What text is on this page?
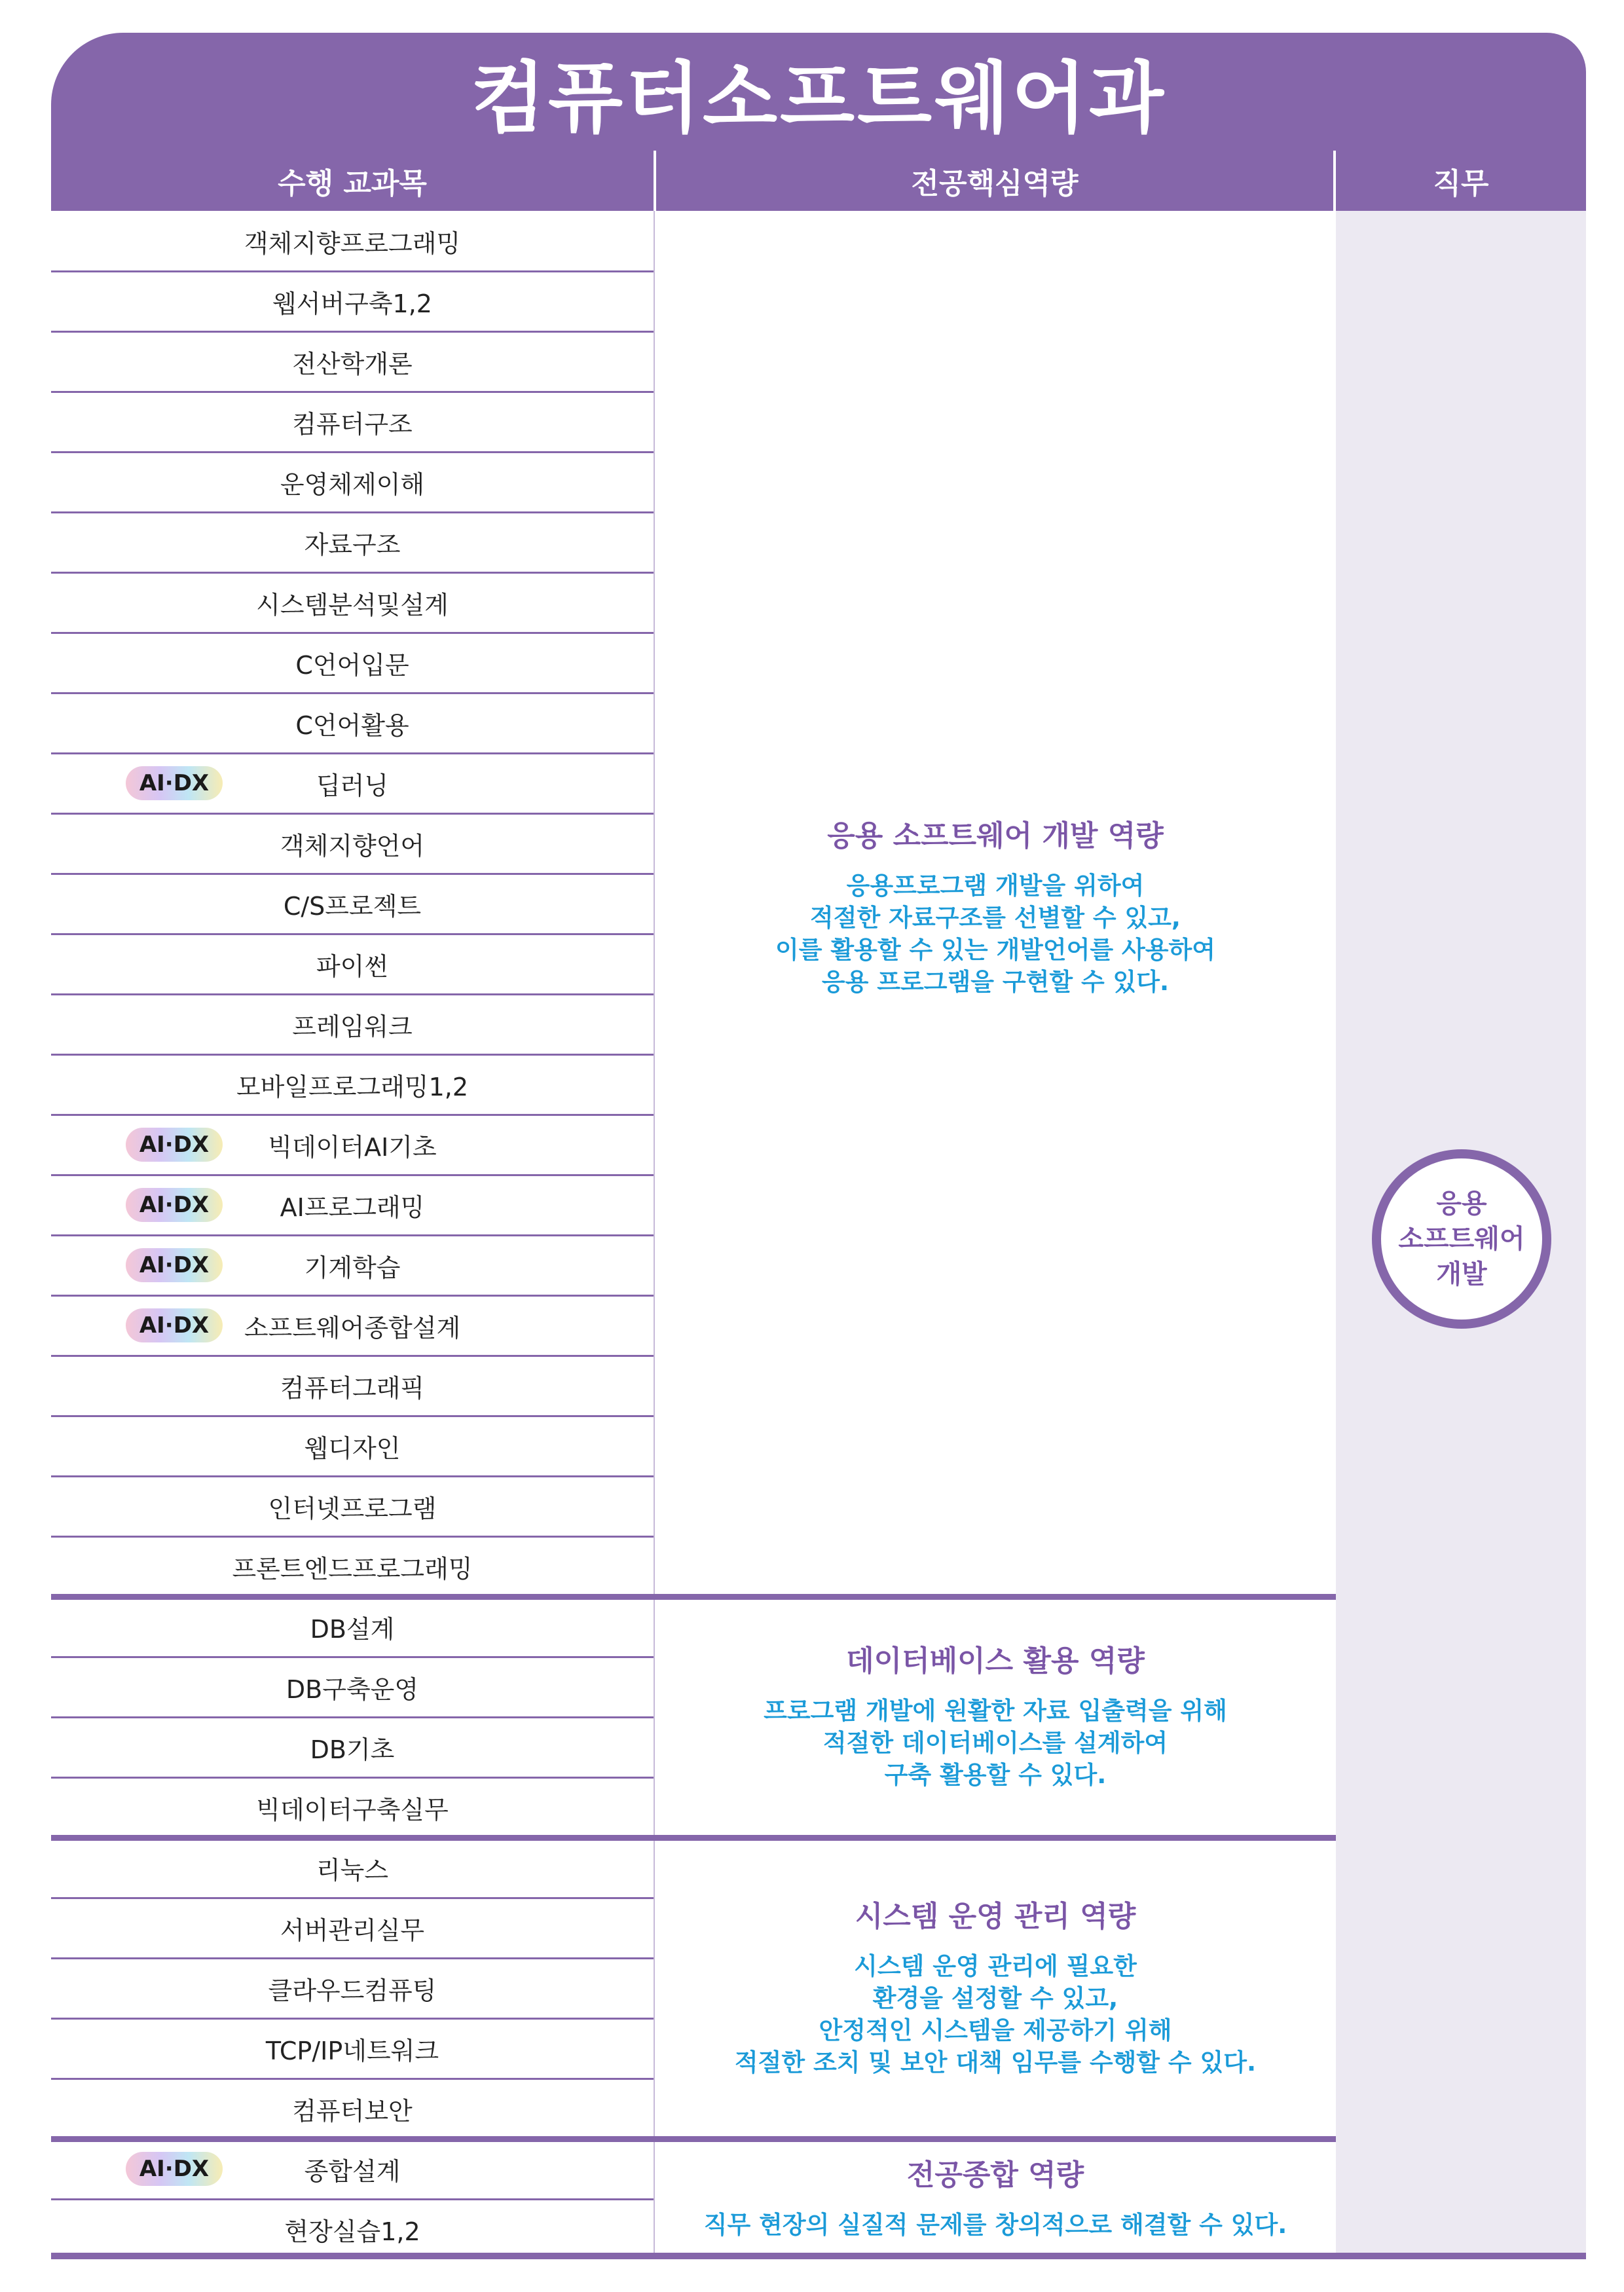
컴퓨터소프트웨어과
수행 교과목	전공핵심역량	직무
객체지향프로그래밍
웹서버구축1,2
전산학개론
컴퓨터구조
운영체제이해
자료구조
시스템분석및설계
C언어입문
C언어활용
딥러닝
AI·DX
객체지향언어
C/S프로젝트
파이썬
프레임워크
모바일프로그래밍1,2
빅데이터AI기초
AI·DX
AI프로그래밍
AI·DX
기계학습
AI·DX
소프트웨어종합설계
AI·DX
컴퓨터그래픽
웹디자인
인터넷프로그램
프론트엔드프로그래밍
DB설계
DB구축운영
DB기초
빅데이터구축실무
리눅스
서버관리실무
클라우드컴퓨팅
TCP/IP네트워크
컴퓨터보안
종합설계
AI·DX
현장실습1,2
응용 소프트웨어 개발 역량
응용프로그램 개발을 위하여
적절한 자료구조를 선별할 수 있고,
이를 활용할 수 있는 개발언어를 사용하여
응용 프로그램을 구현할 수 있다.
데이터베이스 활용 역량
프로그램 개발에 원활한 자료 입출력을 위해
적절한 데이터베이스를 설계하여
구축 활용할 수 있다.
시스템 운영 관리 역량
시스템 운영 관리에 필요한
환경을 설정할 수 있고,
안정적인 시스템을 제공하기 위해
적절한 조치 및 보안 대책 임무를 수행할 수 있다.
전공종합 역량
직무 현장의 실질적 문제를 창의적으로 해결할 수 있다.
응용
소프트웨어
개발
